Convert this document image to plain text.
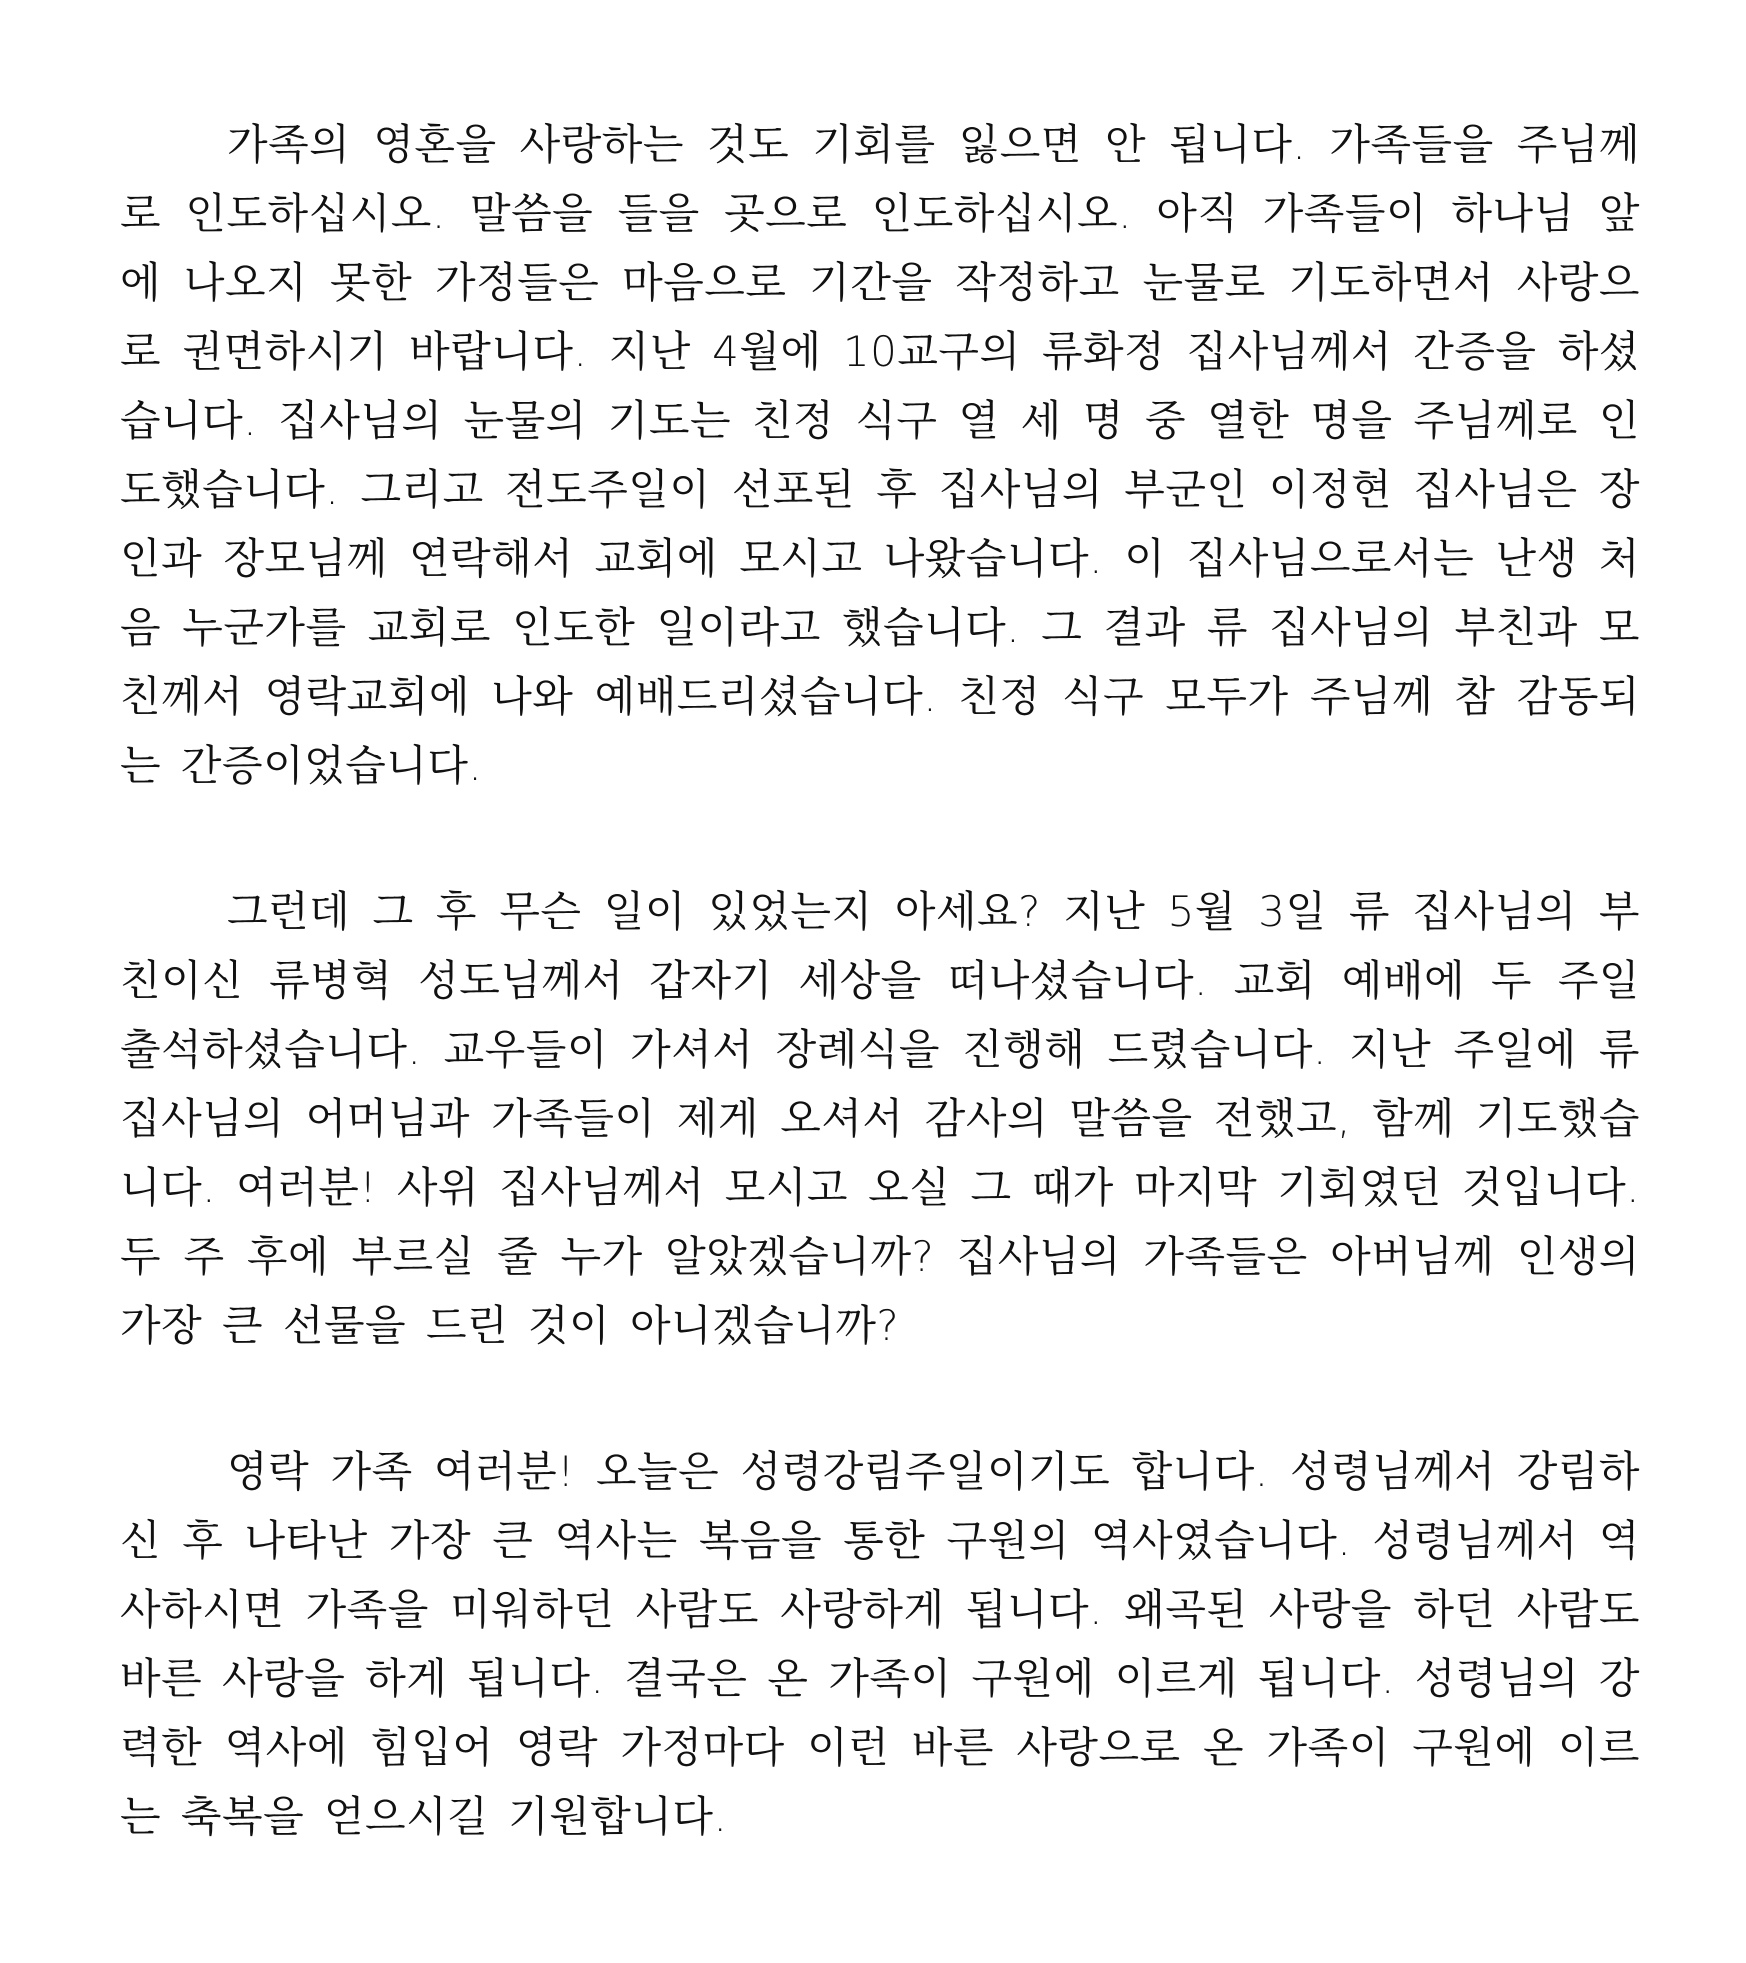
가족의 영혼을 사랑하는 것도 기회를 잃으면 안 됩니다. 가족들을 주님께로 인도하십시오. 말씀을 들을 곳으로 인도하십시오. 아직 가족들이 하나님 앞에 나오지 못한 가정들은 마음으로 기간을 작정하고 눈물로 기도하면서 사랑으로 권면하시기 바랍니다. 지난 4월에 10교구의 류화정 집사님께서 간증을 하셨습니다. 집사님의 눈물의 기도는 친정 식구 열 세 명 중 열한 명을 주님께로 인도했습니다. 그리고 전도주일이 선포된 후 집사님의 부군인 이정현 집사님은 장인과 장모님께 연락해서 교회에 모시고 나왔습니다. 이 집사님으로서는 난생 처음 누군가를 교회로 인도한 일이라고 했습니다. 그 결과 류 집사님의 부친과 모친께서 영락교회에 나와 예배드리셨습니다. 친정 식구 모두가 주님께 참 감동되는 간증이었습니다.

그런데 그 후 무슨 일이 있었는지 아세요? 지난 5월 3일 류 집사님의 부친이신 류병혁 성도님께서 갑자기 세상을 떠나셨습니다. 교회 예배에 두 주일 출석하셨습니다. 교우들이 가셔서 장례식을 진행해 드렸습니다. 지난 주일에 류 집사님의 어머님과 가족들이 제게 오셔서 감사의 말씀을 전했고, 함께 기도했습니다. 여러분! 사위 집사님께서 모시고 오실 그 때가 마지막 기회였던 것입니다. 두 주 후에 부르실 줄 누가 알았겠습니까? 집사님의 가족들은 아버님께 인생의 가장 큰 선물을 드린 것이 아니겠습니까?

영락 가족 여러분! 오늘은 성령강림주일이기도 합니다. 성령님께서 강림하신 후 나타난 가장 큰 역사는 복음을 통한 구원의 역사였습니다. 성령님께서 역사하시면 가족을 미워하던 사람도 사랑하게 됩니다. 왜곡된 사랑을 하던 사람도 바른 사랑을 하게 됩니다. 결국은 온 가족이 구원에 이르게 됩니다. 성령님의 강력한 역사에 힘입어 영락 가정마다 이런 바른 사랑으로 온 가족이 구원에 이르는 축복을 얻으시길 기원합니다.
